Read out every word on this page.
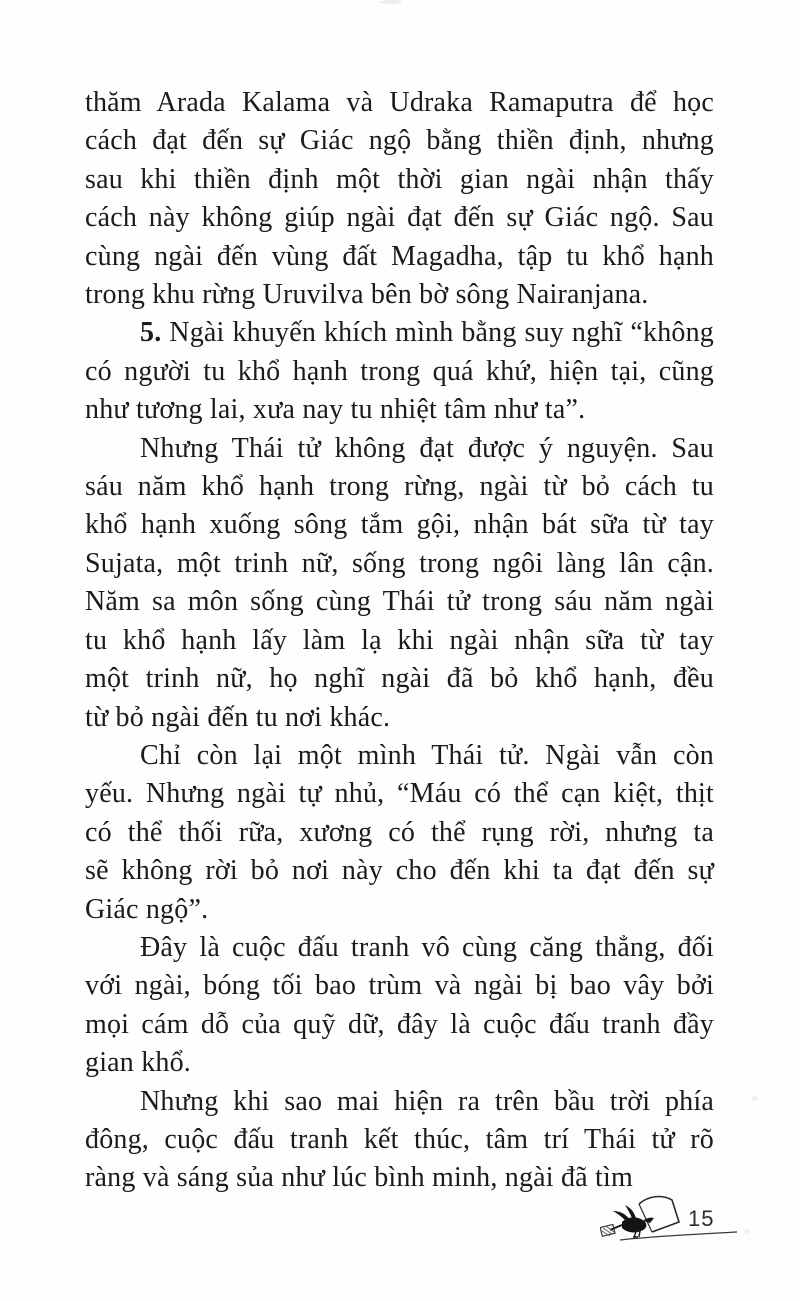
thăm Arada Kalama và Udraka Ramaputra để học
cách đạt đến sự Giác ngộ bằng thiền định, nhưng
sau khi thiền định một thời gian ngài nhận thấy
cách này không giúp ngài đạt đến sự Giác ngộ. Sau
cùng ngài đến vùng đất Magadha, tập tu khổ hạnh
trong khu rừng Uruvilva bên bờ sông Nairanjana.
5. Ngài khuyến khích mình bằng suy nghĩ “không
có người tu khổ hạnh trong quá khứ, hiện tại, cũng
như tương lai, xưa nay tu nhiệt tâm như ta”.
Nhưng Thái tử không đạt được ý nguyện. Sau
sáu năm khổ hạnh trong rừng, ngài từ bỏ cách tu
khổ hạnh xuống sông tắm gội, nhận bát sữa từ tay
Sujata, một trinh nữ, sống trong ngôi làng lân cận.
Năm sa môn sống cùng Thái tử trong sáu năm ngài
tu khổ hạnh lấy làm lạ khi ngài nhận sữa từ tay
một trinh nữ, họ nghĩ ngài đã bỏ khổ hạnh, đều
từ bỏ ngài đến tu nơi khác.
Chỉ còn lại một mình Thái tử. Ngài vẫn còn
yếu. Nhưng ngài tự nhủ, “Máu có thể cạn kiệt, thịt
có thể thối rữa, xương có thể rụng rời, nhưng ta
sẽ không rời bỏ nơi này cho đến khi ta đạt đến sự
Giác ngộ”.
Đây là cuộc đấu tranh vô cùng căng thẳng, đối
với ngài, bóng tối bao trùm và ngài bị bao vây bởi
mọi cám dỗ của quỹ dữ, đây là cuộc đấu tranh đầy
gian khổ.
Nhưng khi sao mai hiện ra trên bầu trời phía
đông, cuộc đấu tranh kết thúc, tâm trí Thái tử rõ
ràng và sáng sủa như lúc bình minh, ngài đã tìm
15
